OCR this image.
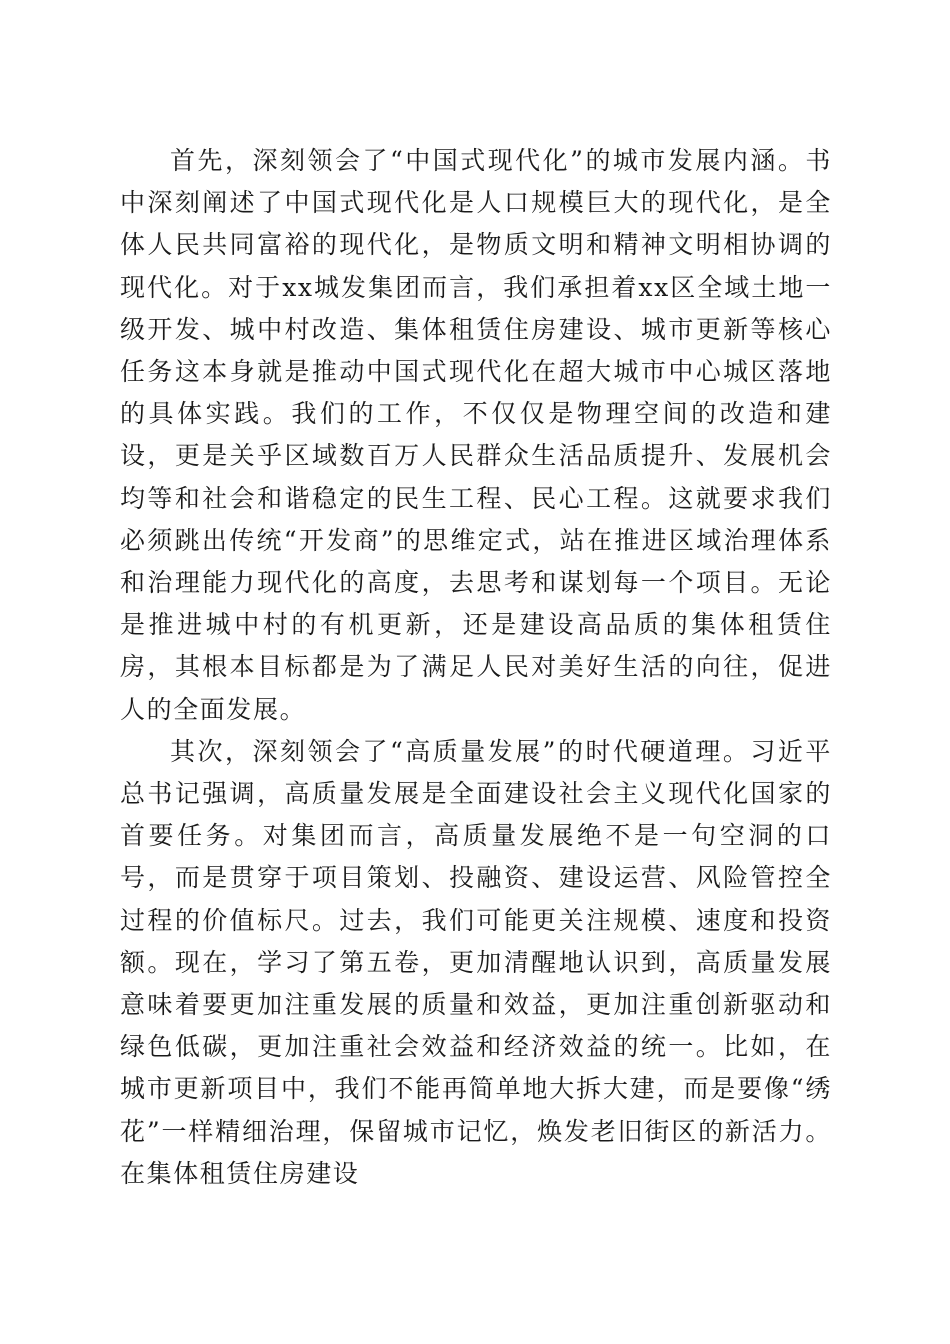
首先，深刻领会了“中国式现代化”的城市发展内涵。书中深刻阐述了中国式现代化是人口规模巨大的现代化，是全体人民共同富裕的现代化，是物质文明和精神文明相协调的现代化。对于xx城发集团而言，我们承担着xx区全域土地一级开发、城中村改造、集体租赁住房建设、城市更新等核心任务这本身就是推动中国式现代化在超大城市中心城区落地的具体实践。我们的工作，不仅仅是物理空间的改造和建设，更是关乎区域数百万人民群众生活品质提升、发展机会均等和社会和谐稳定的民生工程、民心工程。这就要求我们必须跳出传统“开发商”的思维定式，站在推进区域治理体系和治理能力现代化的高度，去思考和谋划每一个项目。无论是推进城中村的有机更新，还是建设高品质的集体租赁住房，其根本目标都是为了满足人民对美好生活的向往，促进人的全面发展。

其次，深刻领会了“高质量发展”的时代硬道理。习近平总书记强调，高质量发展是全面建设社会主义现代化国家的首要任务。对集团而言，高质量发展绝不是一句空洞的口号，而是贯穿于项目策划、投融资、建设运营、风险管控全过程的价值标尺。过去，我们可能更关注规模、速度和投资额。现在，学习了第五卷，更加清醒地认识到，高质量发展意味着要更加注重发展的质量和效益，更加注重创新驱动和绿色低碳，更加注重社会效益和经济效益的统一。比如，在城市更新项目中，我们不能再简单地大拆大建，而是要像“绣花”一样精细治理，保留城市记忆，焕发老旧街区的新活力。在集体租赁住房建设
